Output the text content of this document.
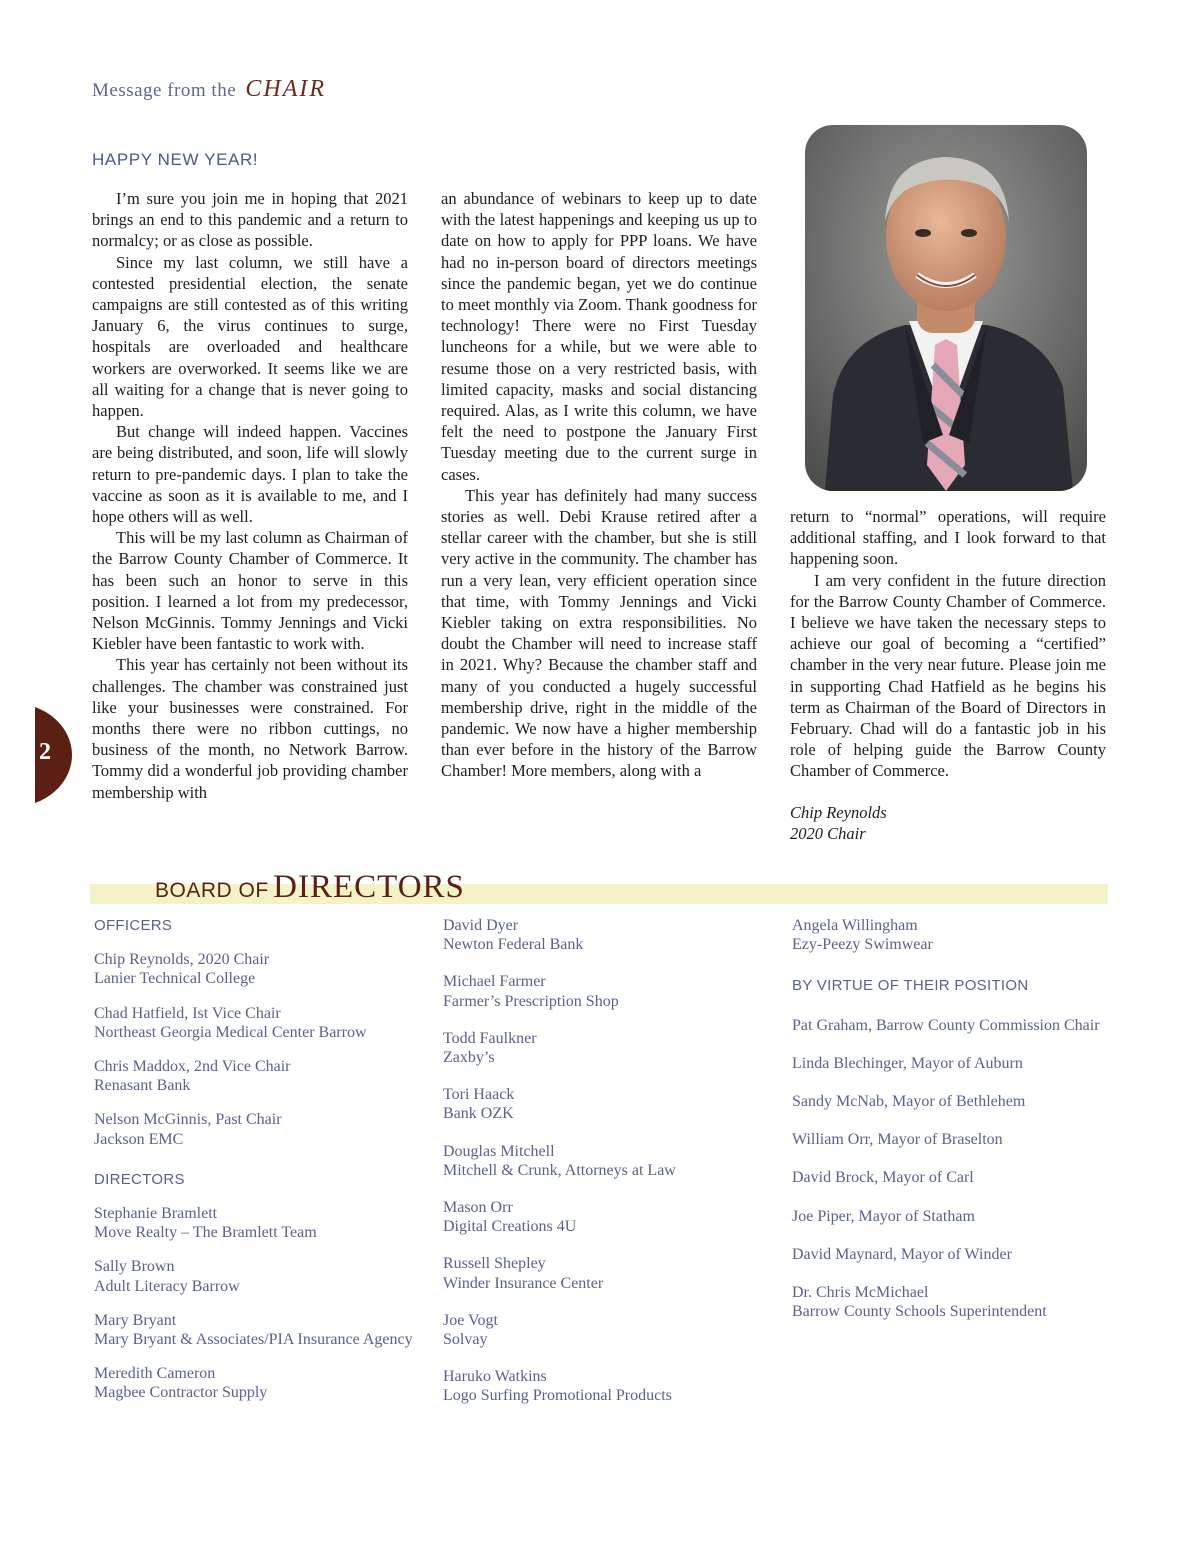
Message from the CHAIR
HAPPY NEW YEAR!

I’m sure you join me in hoping that 2021 brings an end to this pandemic and a return to normalcy; or as close as possible.

Since my last column, we still have a contested presidential election, the senate campaigns are still contested as of this writing January 6, the virus continues to surge, hospitals are overloaded and healthcare workers are overworked. It seems like we are all waiting for a change that is never going to happen.

But change will indeed happen. Vaccines are being distributed, and soon, life will slowly return to pre-pandemic days. I plan to take the vaccine as soon as it is available to me, and I hope others will as well.

This will be my last column as Chairman of the Barrow County Chamber of Commerce. It has been such an honor to serve in this position. I learned a lot from my predecessor, Nelson McGinnis. Tommy Jennings and Vicki Kiebler have been fantastic to work with.

This year has certainly not been without its challenges. The chamber was constrained just like your businesses were constrained. For months there were no ribbon cuttings, no business of the month, no Network Barrow. Tommy did a wonderful job providing chamber membership with

an abundance of webinars to keep up to date with the latest happenings and keeping us up to date on how to apply for PPP loans. We have had no in-person board of directors meetings since the pandemic began, yet we do continue to meet monthly via Zoom. Thank goodness for technology! There were no First Tuesday luncheons for a while, but we were able to resume those on a very restricted basis, with limited capacity, masks and social distancing required. Alas, as I write this column, we have felt the need to postpone the January First Tuesday meeting due to the current surge in cases.

This year has definitely had many success stories as well. Debi Krause retired after a stellar career with the chamber, but she is still very active in the community. The chamber has run a very lean, very efficient operation since that time, with Tommy Jennings and Vicki Kiebler taking on extra responsibilities. No doubt the Chamber will need to increase staff in 2021. Why? Because the chamber staff and many of you conducted a hugely successful membership drive, right in the middle of the pandemic. We now have a higher membership than ever before in the history of the Barrow Chamber! More members, along with a

return to “normal” operations, will require additional staffing, and I look forward to that happening soon.

I am very confident in the future direction for the Barrow County Chamber of Commerce. I believe we have taken the necessary steps to achieve our goal of becoming a “certified” chamber in the very near future. Please join me in supporting Chad Hatfield as he begins his term as Chairman of the Board of Directors in February. Chad will do a fantastic job in his role of helping guide the Barrow County Chamber of Commerce.

Chip Reynolds
2020 Chair
2
BOARD OF DIRECTORS
OFFICERS
Chip Reynolds, 2020 Chair
Lanier Technical College
Chad Hatfield, Ist Vice Chair
Northeast Georgia Medical Center Barrow
Chris Maddox, 2nd Vice Chair
Renasant Bank
Nelson McGinnis, Past Chair
Jackson EMC
DIRECTORS
Stephanie Bramlett
Move Realty – The Bramlett Team
Sally Brown
Adult Literacy Barrow
Mary Bryant
Mary Bryant & Associates/PIA Insurance Agency
Meredith Cameron
Magbee Contractor Supply
David Dyer
Newton Federal Bank
Michael Farmer
Farmer’s Prescription Shop
Todd Faulkner
Zaxby’s
Tori Haack
Bank OZK
Douglas Mitchell
Mitchell & Crunk, Attorneys at Law
Mason Orr
Digital Creations 4U
Russell Shepley
Winder Insurance Center
Joe Vogt
Solvay
Haruko Watkins
Logo Surfing Promotional Products
Angela Willingham
Ezy-Peezy Swimwear
BY VIRTUE OF THEIR POSITION
Pat Graham, Barrow County Commission Chair
Linda Blechinger, Mayor of Auburn
Sandy McNab, Mayor of Bethlehem
William Orr, Mayor of Braselton
David Brock, Mayor of Carl
Joe Piper, Mayor of Statham
David Maynard, Mayor of Winder
Dr. Chris McMichael
Barrow County Schools Superintendent
